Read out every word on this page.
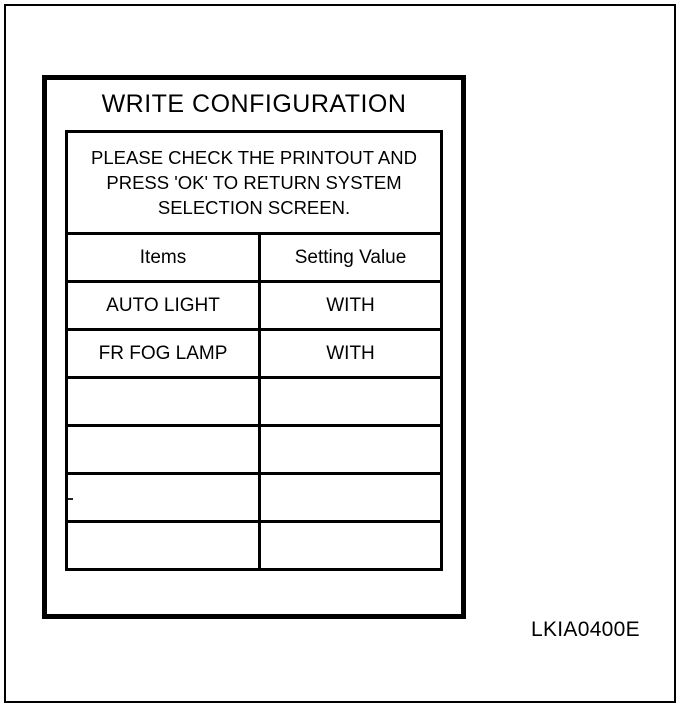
WRITE CONFIGURATION
PLEASE CHECK THE PRINTOUT AND
PRESS 'OK' TO RETURN SYSTEM
SELECTION SCREEN.
Items	Setting Value
AUTO LIGHT	WITH
FR FOG LAMP	WITH

LKIA0400E
